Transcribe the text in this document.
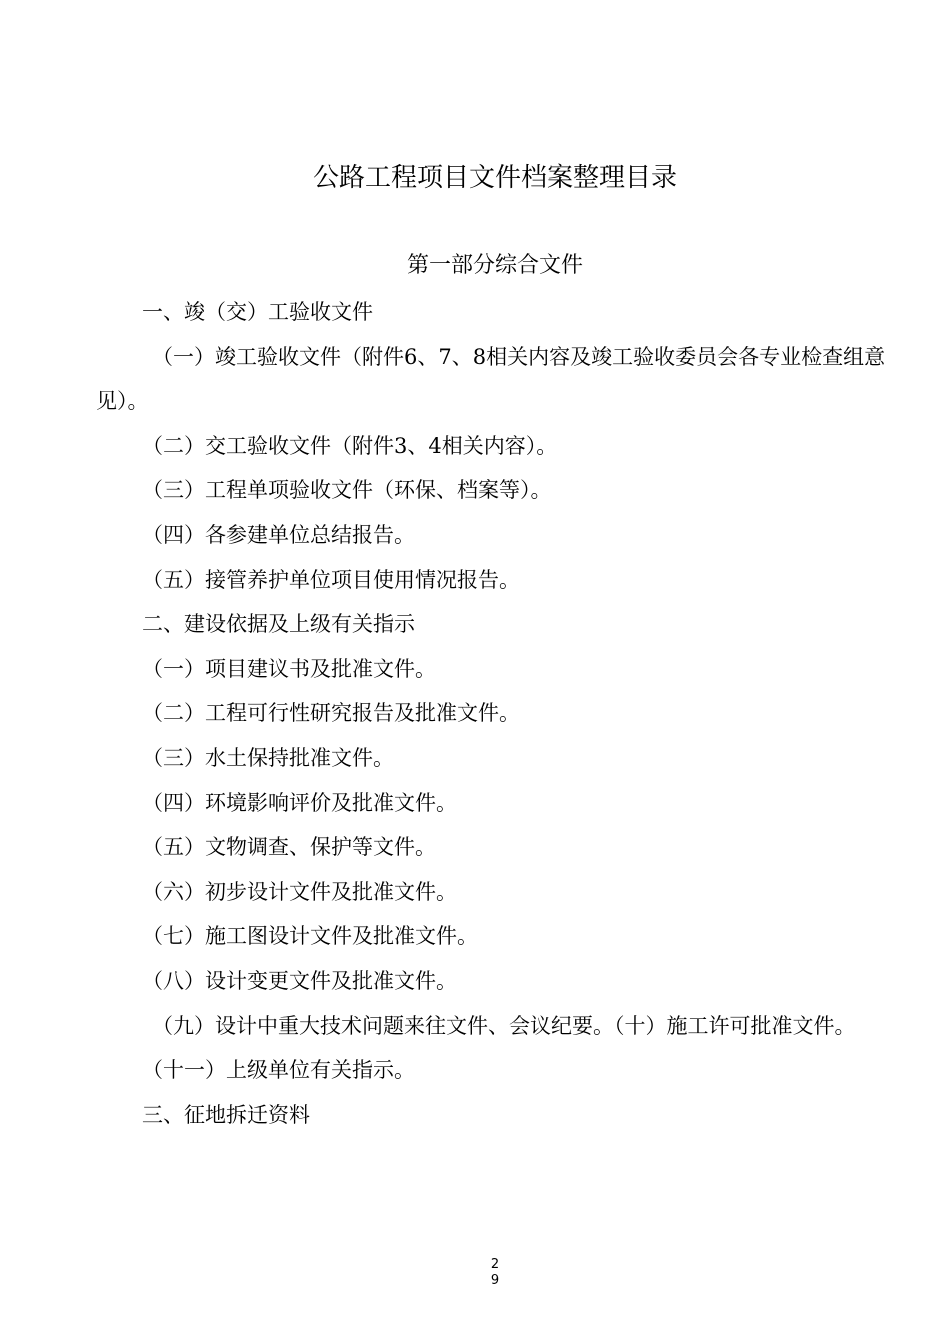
公路工程项目文件档案整理目录
第一部分综合文件

一、竣（交）工验收文件

（一）竣工验收文件（附件6、7、8相关内容及竣工验收委员会各专业检查组意见）。

（二）交工验收文件（附件3、4相关内容）。

（三）工程单项验收文件（环保、档案等）。

（四）各参建单位总结报告。

（五）接管养护单位项目使用情况报告。

二、建设依据及上级有关指示

（一）项目建议书及批准文件。

（二）工程可行性研究报告及批准文件。

（三）水土保持批准文件。

（四）环境影响评价及批准文件。

（五）文物调查、保护等文件。

（六）初步设计文件及批准文件。

（七）施工图设计文件及批准文件。

（八）设计变更文件及批准文件。

（九）设计中重大技术问题来往文件、会议纪要。（十）施工许可批准文件。

（十一）上级单位有关指示。

三、征地拆迁资料

2
9
